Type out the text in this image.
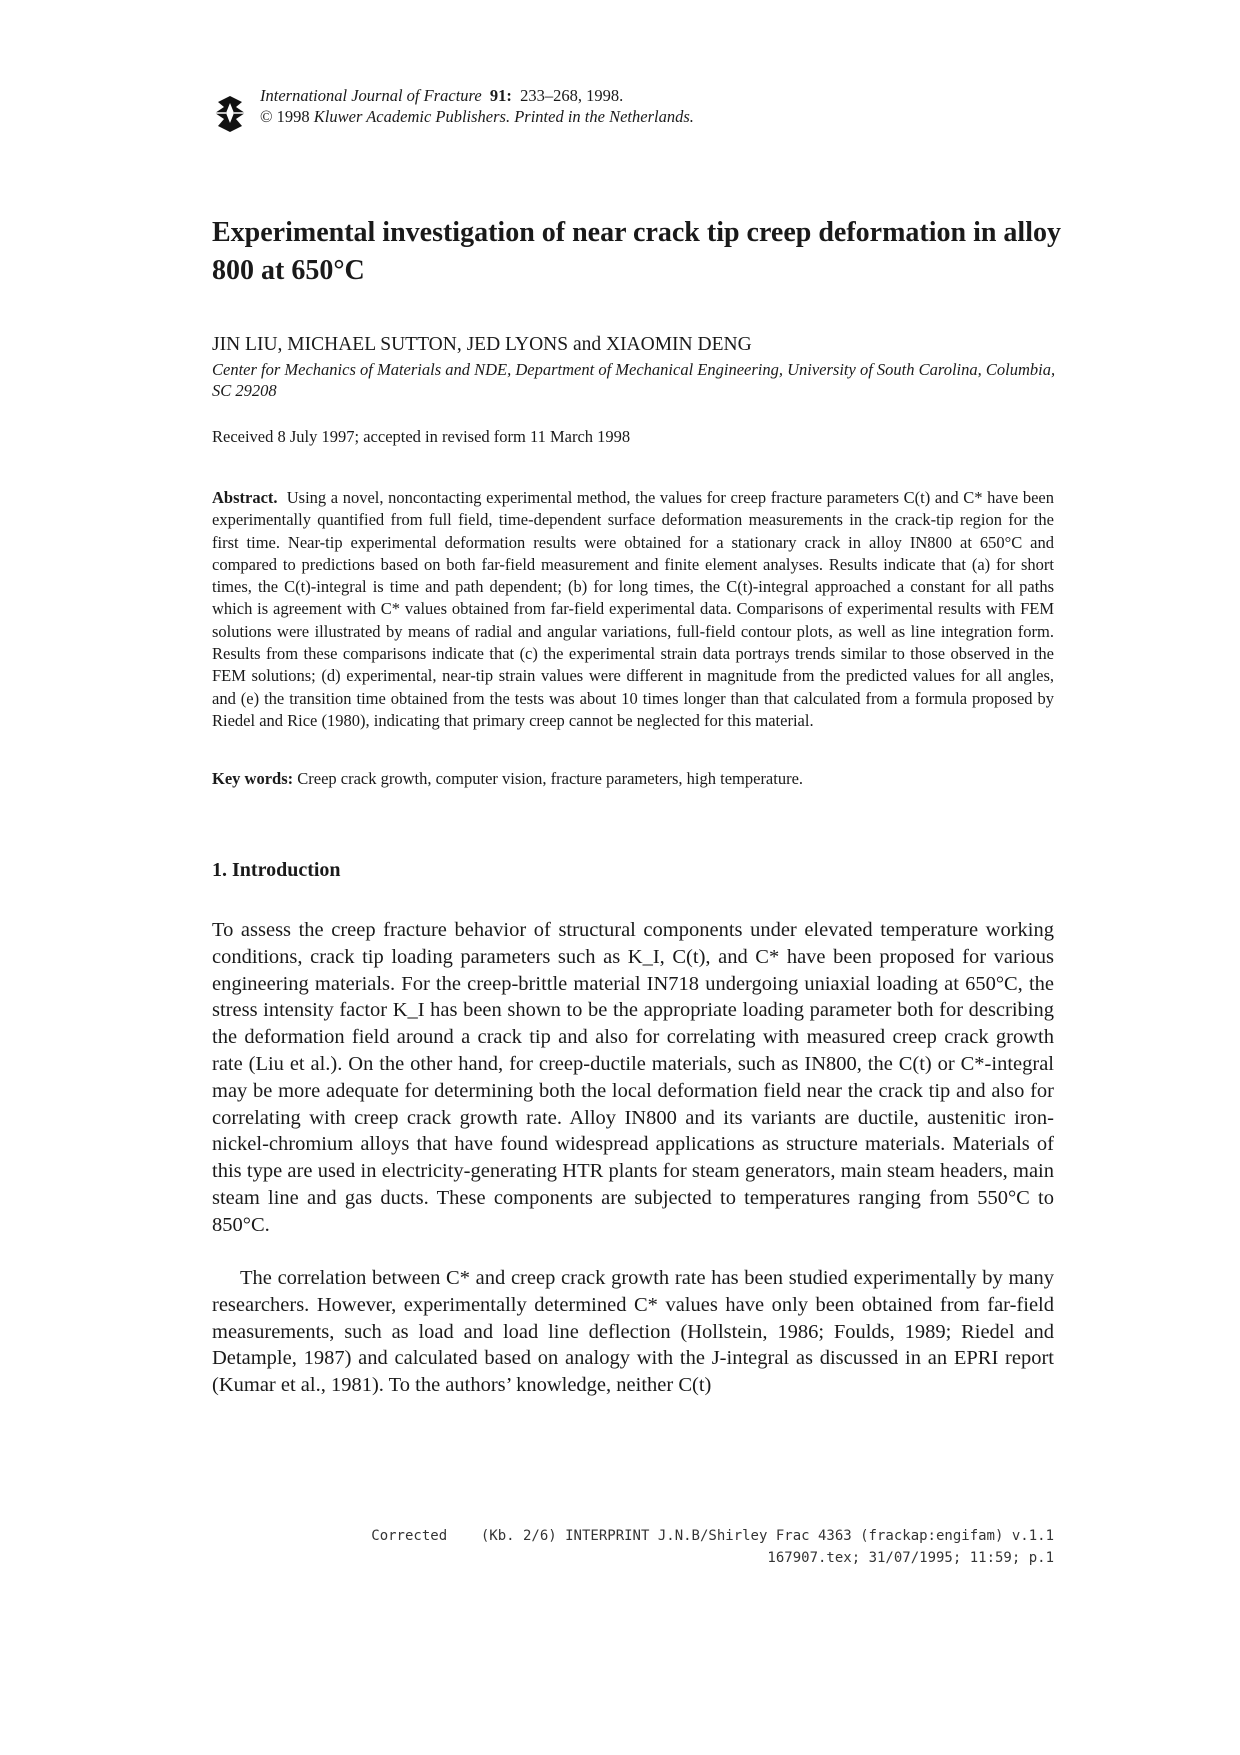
International Journal of Fracture 91: 233–268, 1998.
© 1998 Kluwer Academic Publishers. Printed in the Netherlands.
Experimental investigation of near crack tip creep deformation in alloy 800 at 650°C
JIN LIU, MICHAEL SUTTON, JED LYONS and XIAOMIN DENG
Center for Mechanics of Materials and NDE, Department of Mechanical Engineering, University of South Carolina, Columbia, SC 29208
Received 8 July 1997; accepted in revised form 11 March 1998

Abstract. Using a novel, noncontacting experimental method, the values for creep fracture parameters C(t) and C* have been experimentally quantified from full field, time-dependent surface deformation measurements in the crack-tip region for the first time. Near-tip experimental deformation results were obtained for a stationary crack in alloy IN800 at 650°C and compared to predictions based on both far-field measurement and finite element analyses. Results indicate that (a) for short times, the C(t)-integral is time and path dependent; (b) for long times, the C(t)-integral approached a constant for all paths which is agreement with C* values obtained from far-field experimental data. Comparisons of experimental results with FEM solutions were illustrated by means of radial and angular variations, full-field contour plots, as well as line integration form. Results from these comparisons indicate that (c) the experimental strain data portrays trends similar to those observed in the FEM solutions; (d) experimental, near-tip strain values were different in magnitude from the predicted values for all angles, and (e) the transition time obtained from the tests was about 10 times longer than that calculated from a formula proposed by Riedel and Rice (1980), indicating that primary creep cannot be neglected for this material.

Key words: Creep crack growth, computer vision, fracture parameters, high temperature.

1. Introduction

To assess the creep fracture behavior of structural components under elevated temperature working conditions, crack tip loading parameters such as K_I, C(t), and C* have been proposed for various engineering materials. For the creep-brittle material IN718 undergoing uniaxial loading at 650°C, the stress intensity factor K_I has been shown to be the appropriate loading parameter both for describing the deformation field around a crack tip and also for correlating with measured creep crack growth rate (Liu et al.). On the other hand, for creep-ductile materials, such as IN800, the C(t) or C*-integral may be more adequate for determining both the local deformation field near the crack tip and also for correlating with creep crack growth rate. Alloy IN800 and its variants are ductile, austenitic iron-nickel-chromium alloys that have found widespread applications as structure materials. Materials of this type are used in electricity-generating HTR plants for steam generators, main steam headers, main steam line and gas ducts. These components are subjected to temperatures ranging from 550°C to 850°C.

The correlation between C* and creep crack growth rate has been studied experimentally by many researchers. However, experimentally determined C* values have only been obtained from far-field measurements, such as load and load line deflection (Hollstein, 1986; Foulds, 1989; Riedel and Detample, 1987) and calculated based on analogy with the J-integral as discussed in an EPRI report (Kumar et al., 1981). To the authors’ knowledge, neither C(t)

Corrected    (Kb. 2/6) INTERPRINT J.N.B/Shirley Frac 4363 (frackap:engifam) v.1.1
167907.tex; 31/07/1995; 11:59; p.1
